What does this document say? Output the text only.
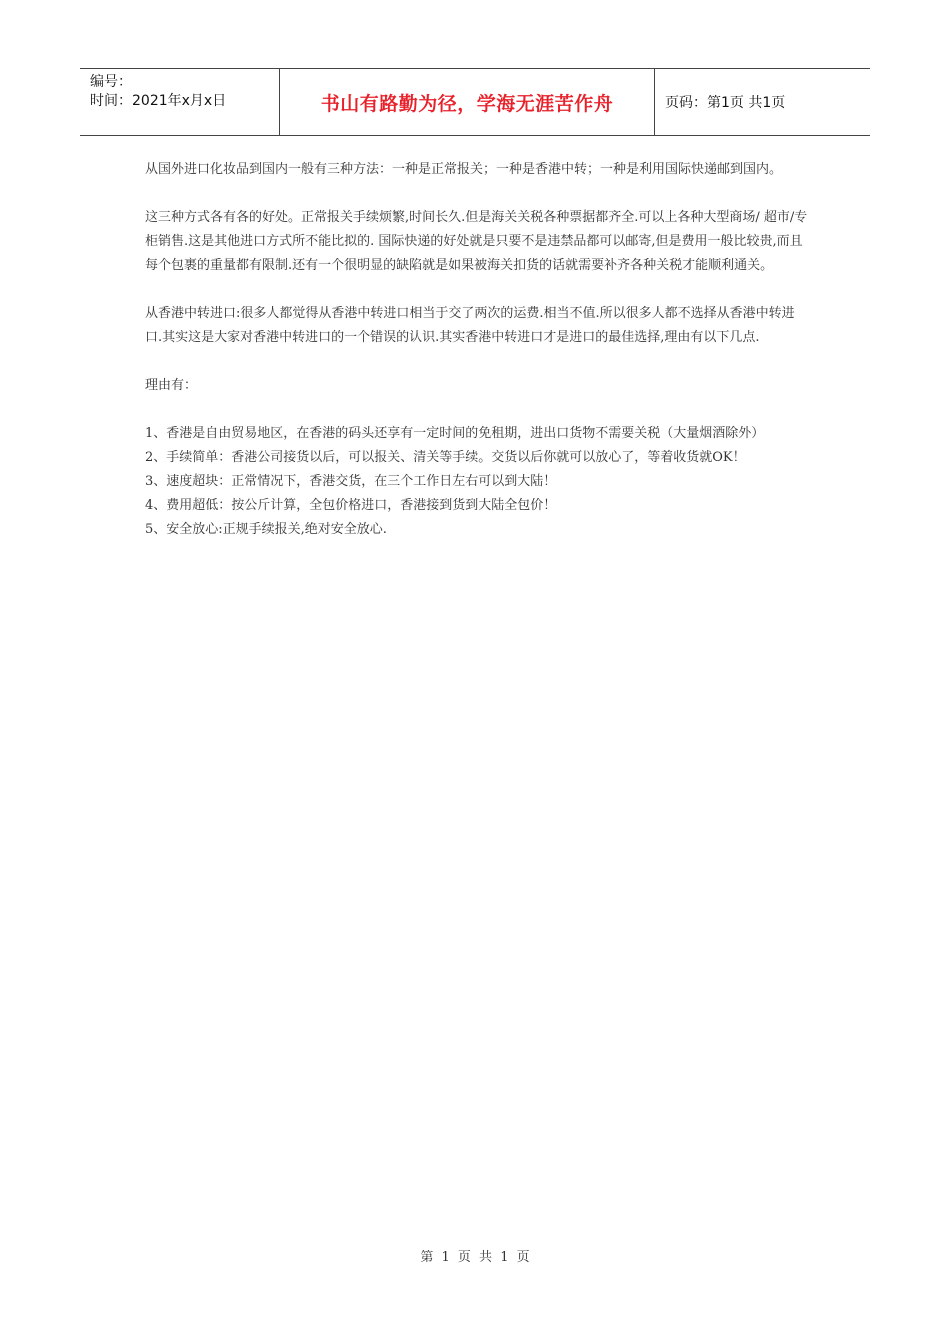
编号：
时间：2021年x月x日	书山有路勤为径，学海无涯苦作舟	页码：第1页 共1页

从国外进口化妆品到国内一般有三种方法：一种是正常报关；一种是香港中转；一种是利用国际快递邮到国内。

这三种方式各有各的好处。正常报关手续烦繁,时间长久.但是海关关税各种票据都齐全.可以上各种大型商场/ 超市/专柜销售.这是其他进口方式所不能比拟的. 国际快递的好处就是只要不是违禁品都可以邮寄,但是费用一般比较贵,而且每个包裹的重量都有限制.还有一个很明显的缺陷就是如果被海关扣货的话就需要补齐各种关税才能顺利通关。

从香港中转进口:很多人都觉得从香港中转进口相当于交了两次的运费.相当不值.所以很多人都不选择从香港中转进口.其实这是大家对香港中转进口的一个错误的认识.其实香港中转进口才是进口的最佳选择,理由有以下几点.

理由有：

1、香港是自由贸易地区，在香港的码头还享有一定时间的免租期，进出口货物不需要关税（大量烟酒除外）
2、手续简单：香港公司接货以后，可以报关、清关等手续。交货以后你就可以放心了，等着收货就OK！
3、速度超块：正常情况下，香港交货，在三个工作日左右可以到大陆！
4、费用超低：按公斤计算，全包价格进口，香港接到货到大陆全包价！
5、安全放心:正规手续报关,绝对安全放心.
第 1 页 共 1 页
